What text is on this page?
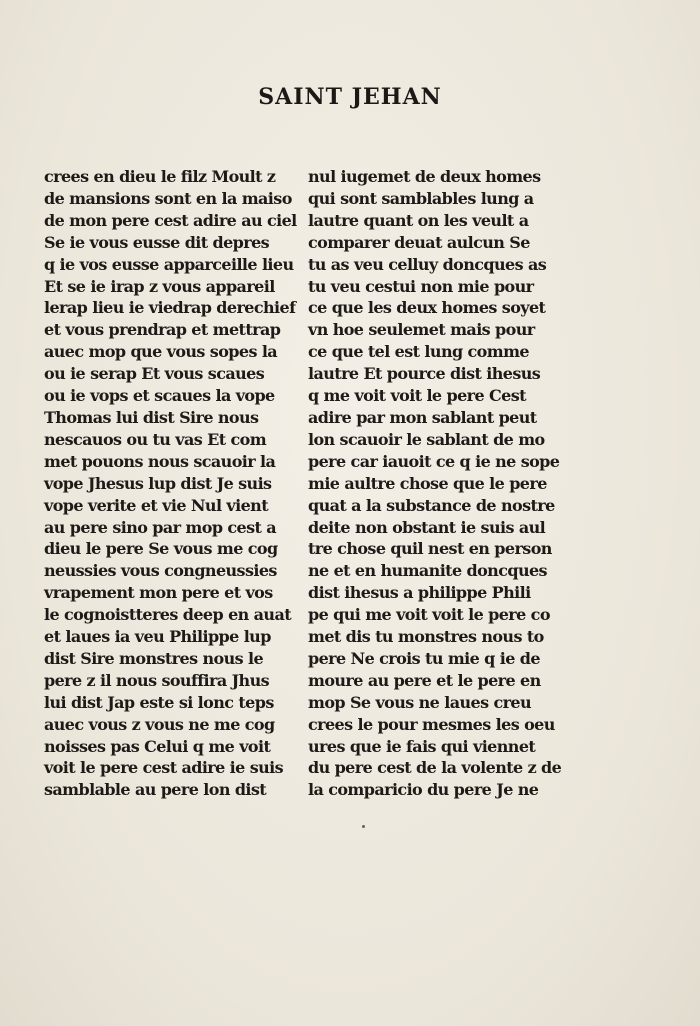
SAINT JEHAN
crees en dieu le filz Moult z
de mansions sont en la maiso
de mon pere cest adire au ciel
Se ie vous eusse dit depres
q ie vos eusse apparceille lieu
Et se ie irap z vous appareil
lerap lieu ie viedrap derechief
et vous prendrap et mettrap
auec mop que vous sopes la
ou ie serap Et vous scaues
ou ie vops et scaues la vope
Thomas lui dist Sire nous
nescauos ou tu vas Et com
met pouons nous scauoir la
vope Jhesus lup dist Je suis
vope verite et vie Nul vient
au pere sino par mop cest a
dieu le pere Se vous me cog
neussies vous congneussies
vrapement mon pere et vos
le cognoistteres deep en auat
et laues ia veu Philippe lup
dist Sire monstres nous le
pere z il nous souffira Jhus
lui dist Jap este si lonc teps
auec vous z vous ne me cog
noisses pas Celui q me voit
voit le pere cest adire ie suis
samblable au pere lon dist
nul iugemet de deux homes
qui sont samblables lung a
lautre quant on les veult a
comparer deuat aulcun Se
tu as veu celluy doncques as
tu veu cestui non mie pour
ce que les deux homes soyet
vn hoe seulemet mais pour
ce que tel est lung comme
lautre Et pource dist ihesus
q me voit voit le pere Cest
adire par mon sablant peut
lon scauoir le sablant de mo
pere car iauoit ce q ie ne sope
mie aultre chose que le pere
quat a la substance de nostre
deite non obstant ie suis aul
tre chose quil nest en person
ne et en humanite doncques
dist ihesus a philippe Phili
pe qui me voit voit le pere co
met dis tu monstres nous to
pere Ne crois tu mie q ie de
moure au pere et le pere en
mop Se vous ne laues creu
crees le pour mesmes les oeu
ures que ie fais qui viennet
du pere cest de la volente z de
la comparicio du pere Je ne
